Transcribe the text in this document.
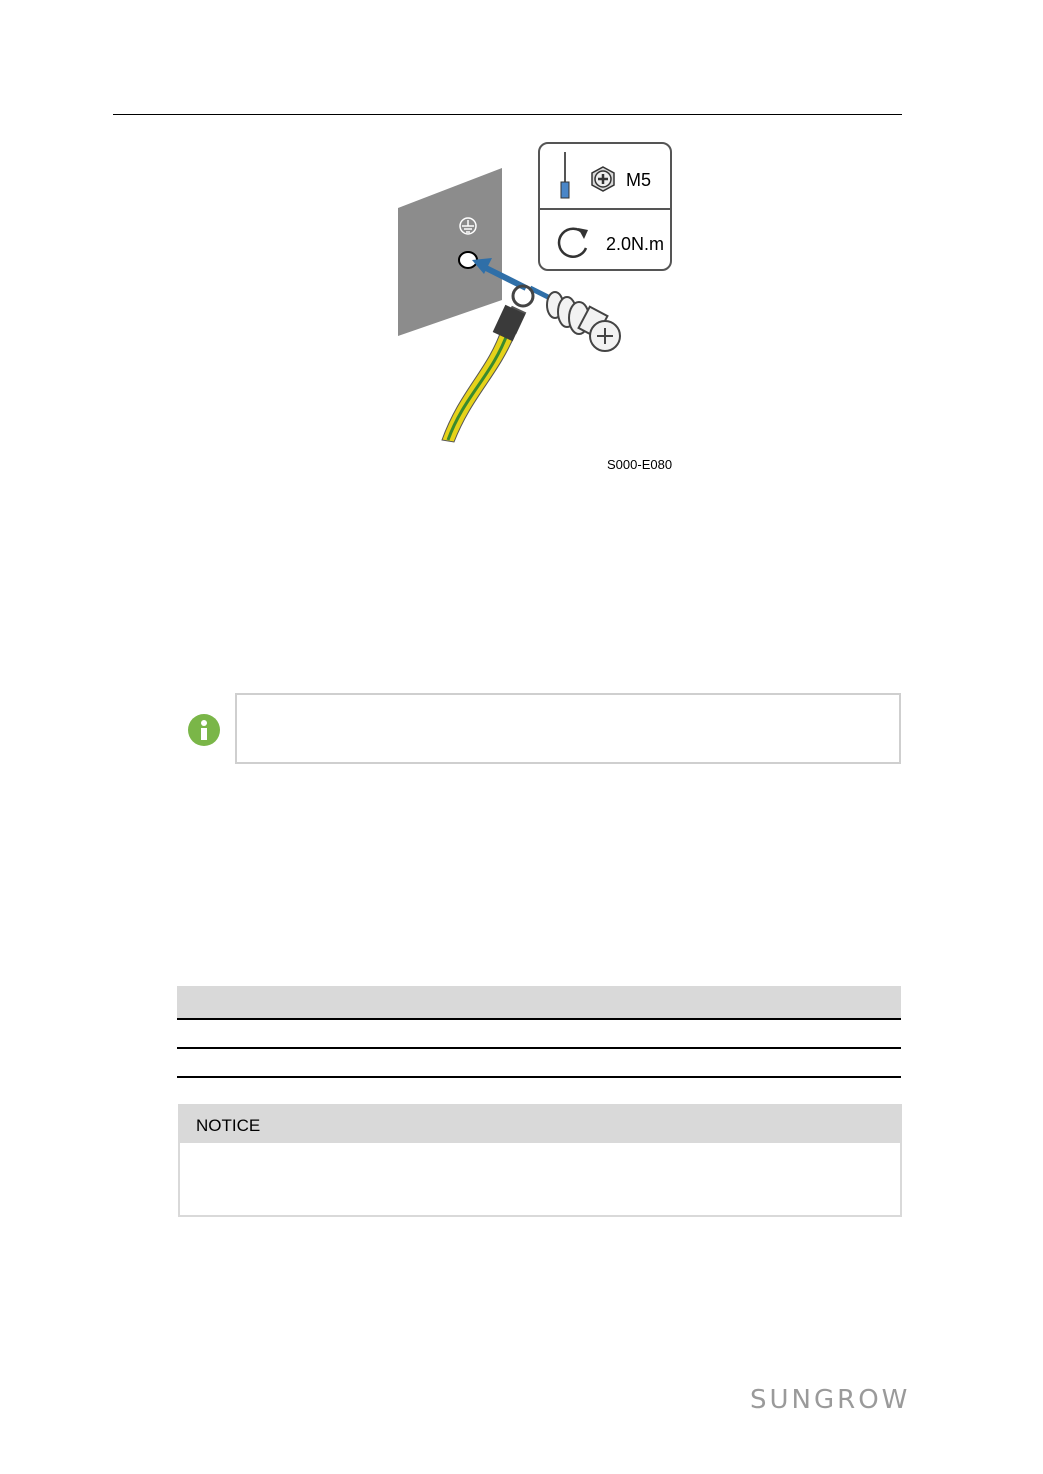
M5
2.0N.m
S000-E080
NOTICE
SUNGROW
